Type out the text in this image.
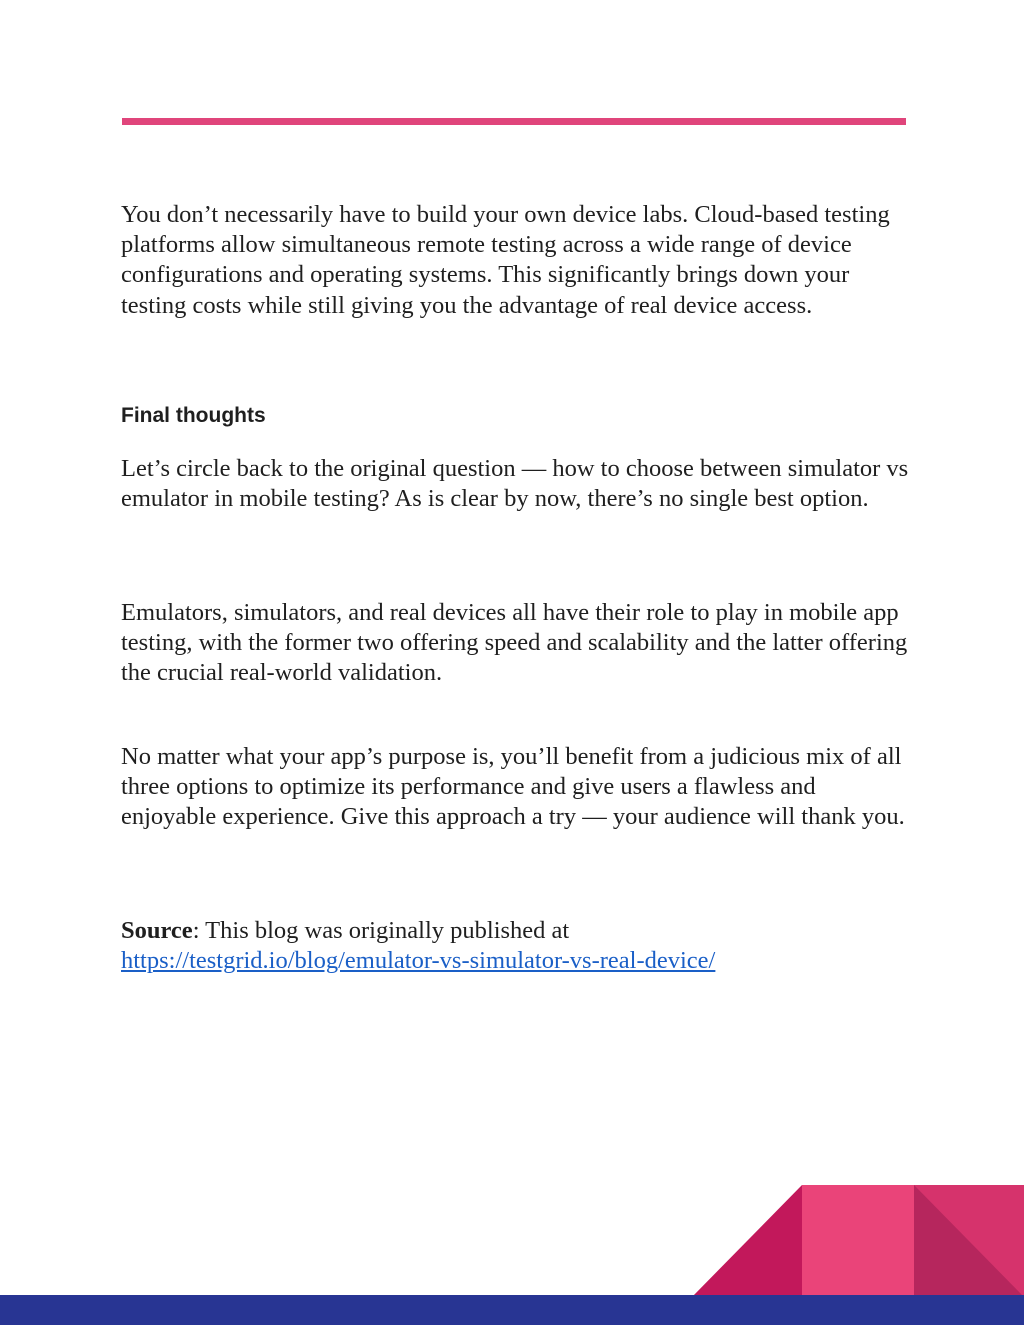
You don’t necessarily have to build your own device labs. Cloud-based testing platforms allow simultaneous remote testing across a wide range of device configurations and operating systems. This significantly brings down your testing costs while still giving you the advantage of real device access.

Final thoughts

Let’s circle back to the original question — how to choose between simulator vs emulator in mobile testing? As is clear by now, there’s no single best option.

Emulators, simulators, and real devices all have their role to play in mobile app testing, with the former two offering speed and scalability and the latter offering the crucial real-world validation.

No matter what your app’s purpose is, you’ll benefit from a judicious mix of all three options to optimize its performance and give users a flawless and enjoyable experience. Give this approach a try — your audience will thank you.

Source: This blog was originally published at
https://testgrid.io/blog/emulator-vs-simulator-vs-real-device/
